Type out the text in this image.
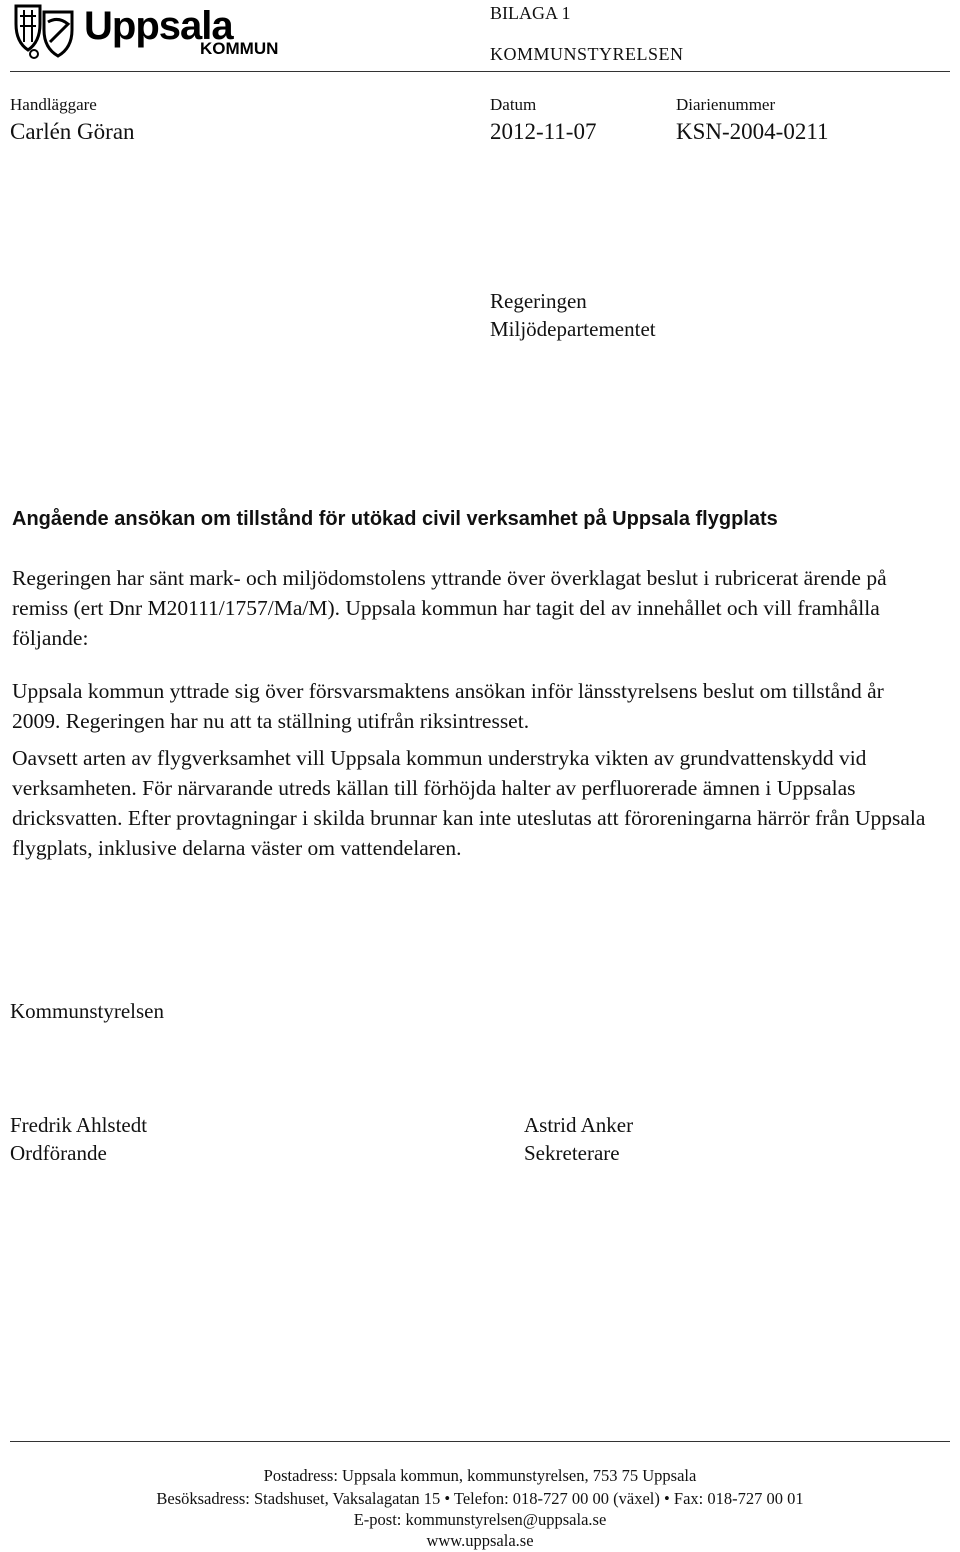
Uppsala
KOMMUN
BILAGA 1
KOMMUNSTYRELSEN
Handläggare
Carlén Göran
Datum
2012-11-07
Diarienummer
KSN-2004-0211
Regeringen
Miljödepartementet
Angående ansökan om tillstånd för utökad civil verksamhet på Uppsala flygplats

Regeringen har sänt mark- och miljödomstolens yttrande över överklagat beslut i rubricerat ärende på remiss (ert Dnr M20111/1757/Ma/M). Uppsala kommun har tagit del av innehållet och vill framhålla följande:

Uppsala kommun yttrade sig över försvarsmaktens ansökan inför länsstyrelsens beslut om tillstånd år 2009. Regeringen har nu att ta ställning utifrån riksintresset.

Oavsett arten av flygverksamhet vill Uppsala kommun understryka vikten av grundvattenskydd vid verksamheten. För närvarande utreds källan till förhöjda halter av perfluorerade ämnen i Uppsalas dricksvatten. Efter provtagningar i skilda brunnar kan inte uteslutas att föroreningarna härrör från Uppsala flygplats, inklusive delarna väster om vattendelaren.

Kommunstyrelsen
Fredrik Ahlstedt
Ordförande
Astrid Anker
Sekreterare
Postadress: Uppsala kommun, kommunstyrelsen, 753 75 Uppsala
Besöksadress: Stadshuset, Vaksalagatan 15 • Telefon: 018-727 00 00 (växel) • Fax: 018-727 00 01
E-post: kommunstyrelsen@uppsala.se
www.uppsala.se
